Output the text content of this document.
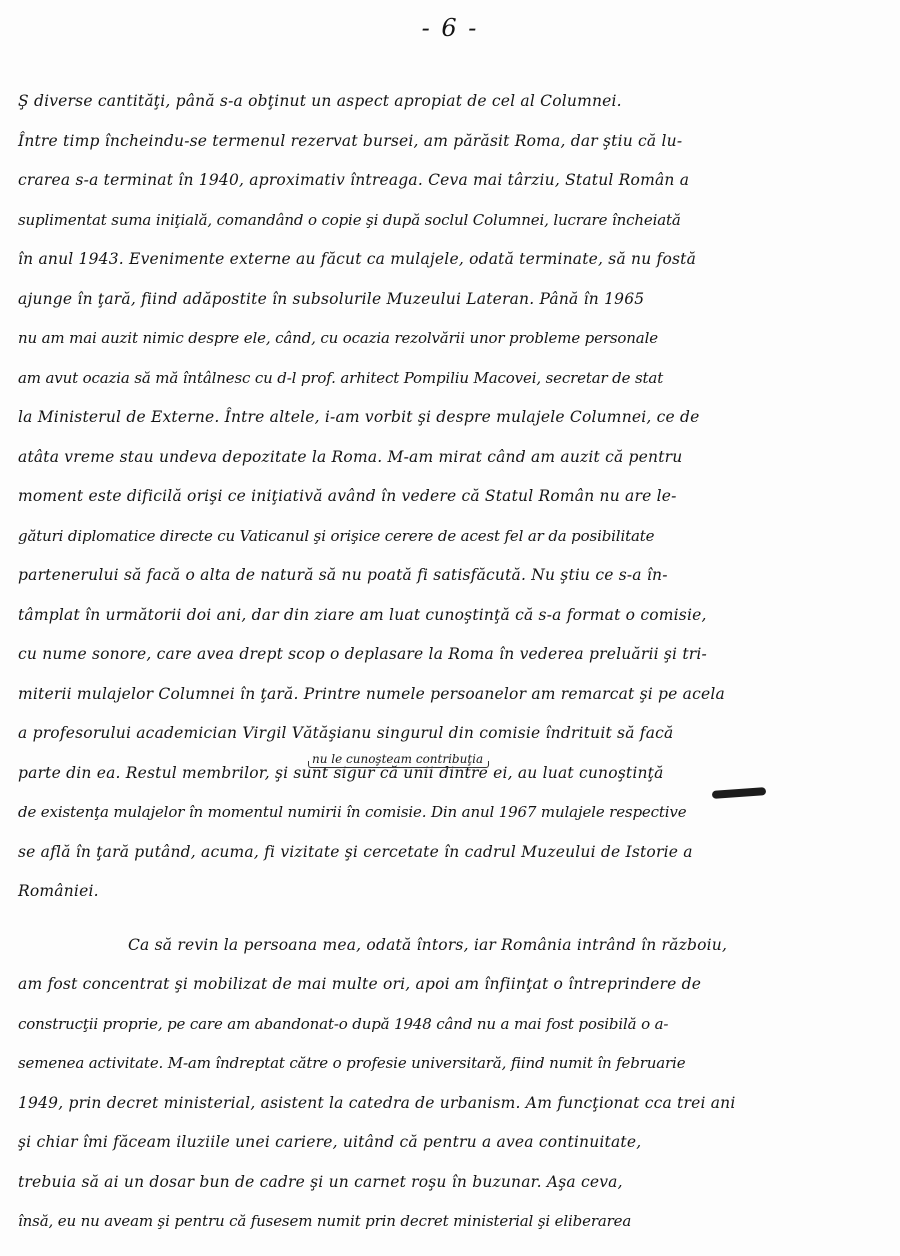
- 6 -
Ş diverse cantităţi, până s-a obţinut un aspect apropiat de cel al Columnei.
Între timp încheindu-se termenul rezervat bursei, am părăsit Roma, dar ştiu că lu-
crarea s-a terminat în 1940, aproximativ întreaga. Ceva mai târziu, Statul Român a
suplimentat suma iniţială, comandând o copie şi după soclul Columnei, lucrare încheiată
în anul 1943. Evenimente externe au făcut ca mulajele, odată terminate, să nu fostă
ajunge în ţară, fiind adăpostite în subsolurile Muzeului Lateran. Până în 1965
nu am mai auzit nimic despre ele, când, cu ocazia rezolvării unor probleme personale
am avut ocazia să mă întâlnesc cu d-l prof. arhitect Pompiliu Macovei, secretar de stat
la Ministerul de Externe. Între altele, i-am vorbit şi despre mulajele Columnei, ce de
atâta vreme stau undeva depozitate la Roma. M-am mirat când am auzit că pentru
moment este dificilă orişi ce iniţiativă având în vedere că Statul Român nu are le-
gături diplomatice directe cu Vaticanul şi orişice cerere de acest fel ar da posibilitate
partenerului să facă o alta de natură să nu poată fi satisfăcută. Nu ştiu ce s-a în-
tâmplat în următorii doi ani, dar din ziare am luat cunoştinţă că s-a format o comisie,
cu nume sonore, care avea drept scop o deplasare la Roma în vederea preluării şi tri-
miterii mulajelor Columnei în ţară. Printre numele persoanelor am remarcat şi pe acela
a profesorului academician Virgil Vătăşianu singurul din comisie îndrituit să facă
parte din ea. Restul membrilor, şi sunt sigur că unii dintre ei, au luat cunoştinţă
de existenţa mulajelor în momentul numirii în comisie. Din anul 1967 mulajele respective
se află în ţară putând, acuma, fi vizitate şi cercetate în cadrul Muzeului de Istorie a
României.
Ca să revin la persoana mea, odată întors, iar România intrând în războiu,
am fost concentrat şi mobilizat de mai multe ori, apoi am înfiinţat o întreprindere de
construcţii proprie, pe care am abandonat-o după 1948 când nu a mai fost posibilă o a-
semenea activitate. M-am îndreptat către o profesie universitară, fiind numit în februarie
1949, prin decret ministerial, asistent la catedra de urbanism. Am funcţionat cca trei ani
şi chiar îmi făceam iluziile unei cariere, uitând că pentru a avea continuitate,
trebuia să ai un dosar bun de cadre şi un carnet roşu în buzunar. Aşa ceva,
însă, eu nu aveam şi pentru că fusesem numit prin decret ministerial şi eliberarea
nu le cunoşteam contribuţia
